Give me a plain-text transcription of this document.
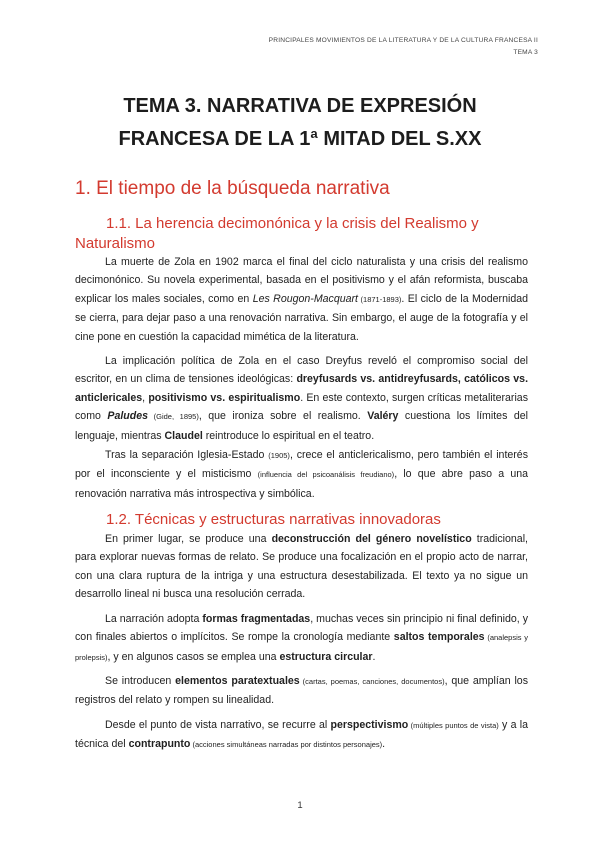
PRINCIPALES MOVIMIENTOS DE LA LITERATURA Y DE LA CULTURA FRANCESA II
TEMA 3
TEMA 3. NARRATIVA DE EXPRESIÓN
FRANCESA DE LA 1ª MITAD DEL S.XX
1. El tiempo de la búsqueda narrativa
1.1. La herencia decimonónica y la crisis del Realismo y
Naturalismo

La muerte de Zola en 1902 marca el final del ciclo naturalista y una crisis del realismo decimonónico. Su novela experimental, basada en el positivismo y el afán reformista, buscaba explicar los males sociales, como en Les Rougon-Macquart (1871-1893). El ciclo de la Modernidad se cierra, para dejar paso a una renovación narrativa. Sin embargo, el auge de la fotografía y el cine pone en cuestión la capacidad mimética de la literatura.

La implicación política de Zola en el caso Dreyfus reveló el compromiso social del escritor, en un clima de tensiones ideológicas: dreyfusards vs. antidreyfusards, católicos vs. anticlericales, positivismo vs. espiritualismo. En este contexto, surgen críticas metaliterarias como Paludes (Gide, 1895), que ironiza sobre el realismo. Valéry cuestiona los límites del lenguaje, mientras Claudel reintroduce lo espiritual en el teatro.

Tras la separación Iglesia-Estado (1905), crece el anticlericalismo, pero también el interés por el inconsciente y el misticismo (influencia del psicoanálisis freudiano), lo que abre paso a una renovación narrativa más introspectiva y simbólica.

1.2. Técnicas y estructuras narrativas innovadoras

En primer lugar, se produce una deconstrucción del género novelístico tradicional, para explorar nuevas formas de relato. Se produce una focalización en el propio acto de narrar, con una clara ruptura de la intriga y una estructura desestabilizada. El texto ya no sigue un desarrollo lineal ni busca una resolución cerrada.

La narración adopta formas fragmentadas, muchas veces sin principio ni final definido, y con finales abiertos o implícitos. Se rompe la cronología mediante saltos temporales (analepsis y prolepsis), y en algunos casos se emplea una estructura circular.

Se introducen elementos paratextuales (cartas, poemas, canciones, documentos), que amplían los registros del relato y rompen su linealidad.

Desde el punto de vista narrativo, se recurre al perspectivismo (múltiples puntos de vista) y a la técnica del contrapunto (acciones simultáneas narradas por distintos personajes).

1
